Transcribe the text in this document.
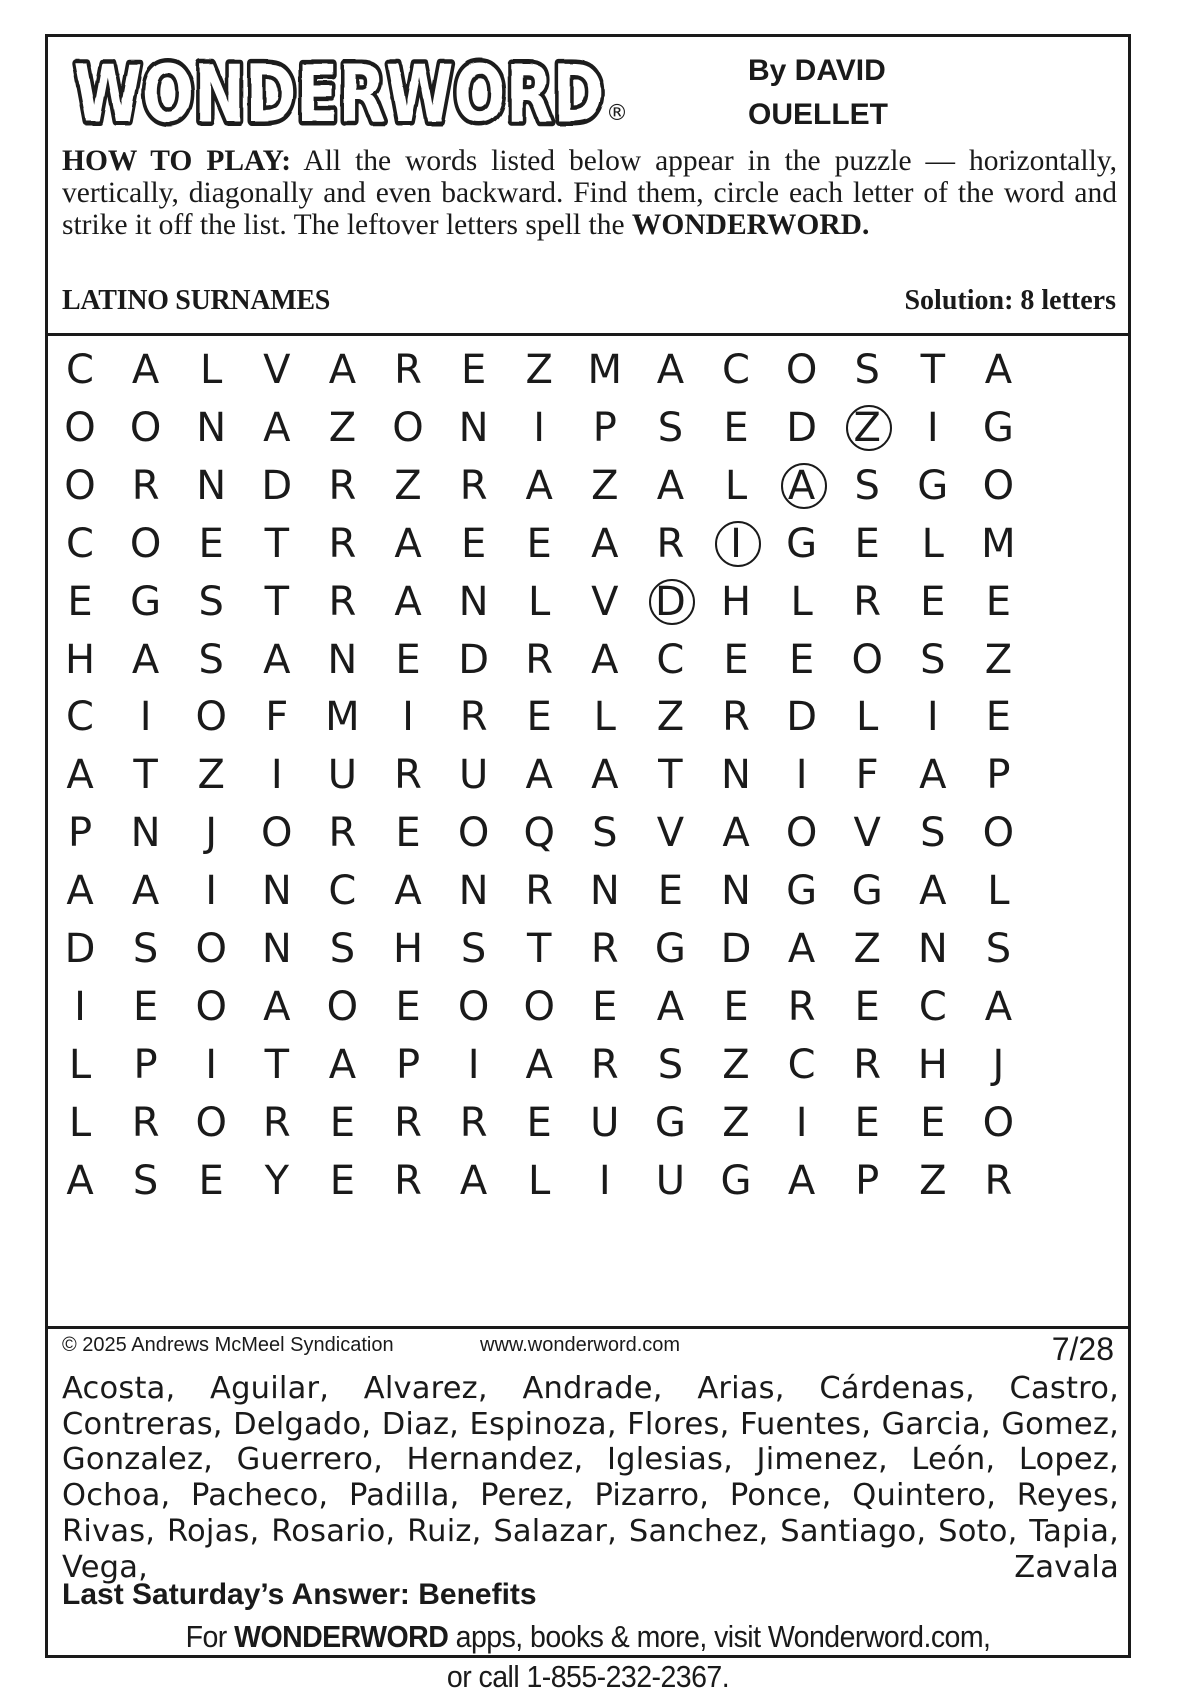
WONDERWORD
WONDERWORD ®
By DAVID
OUELLET
HOW TO PLAY: All the words listed below appear in the puzzle — horizontally, vertically, diagonally and even backward. Find them, circle each letter of the word and strike it off the list. The leftover letters spell the WONDERWORD.
LATINO SURNAMES	Solution: 8 letters
C A	L	V A R E Z M A C O S	T A
O O N A Z O N	I	P	S	E D Z	I	G
O R N D R Z R A Z A	L	A S G O
C O E	T R A E	E A R	I	G E	L M
E G S	T R A N L	V D H L	R E	E
H A S A N E D R A C E	E O S Z
C	I	O F M	I	R E	L	Z R D L	I	E
A T Z	I	U R U A A T N	I	F	A P
P N	J	O R E O Q S V A O V S O
A A	I	N C A N R N E N G G A	L
D S O N S H S	T R G D A Z N S
I	E O A O E O O E A E R E C A
L	P	I	T A P	I	A R S Z C R H	J
L	R O R E R R E U G Z	I	E	E O
A S	E	Y	E R A	L	I	U G A P Z R
© 2025 Andrews McMeel Syndication	www.wonderword.com	7/28
Acosta, Aguilar, Alvarez, Andrade, Arias, Cárdenas, Castro, Contreras, Delgado, Diaz, Espinoza, Flores, Fuentes, Garcia, Gomez, Gonzalez, Guerrero, Hernandez, Iglesias, Jimenez, León, Lopez, Ochoa, Pacheco, Padilla, Perez, Pizarro, Ponce, Quintero, Reyes, Rivas, Rojas, Rosario, Ruiz, Salazar, Sanchez, Santiago, Soto, Tapia, Vega, Zavala
Last Saturday’s Answer: Benefits
For WONDERWORD apps, books & more, visit Wonderword.com,
or call 1-855-232-2367.
